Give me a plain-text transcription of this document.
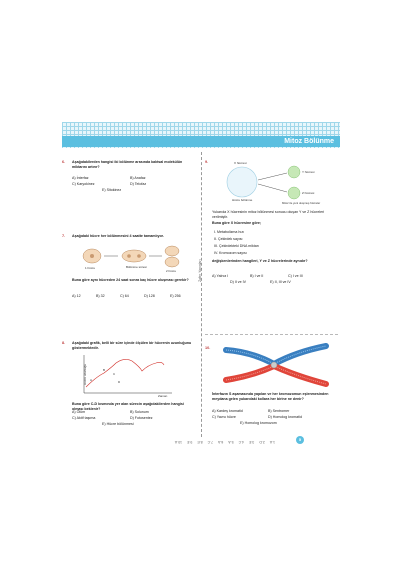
Mitoz Bölünme
Zafer Yayınları
6. Aşağıdakilerden hangisi iki bölünme arasında kalıtsal molekülün miktarını artırır?
A) İnterfaz	B) Anafaz
C) Karyokinez	D) Telofaz
E) Sitokinez
7. Aşağıdaki hücre her bölünmesini 4 saatte tamamlıyor.
1 hücre	Bölünme süresi
2 hücre
Buna göre aynı hücreden 24 saat sonra kaç hücre oluşması gerekir?
A) 12	B) 32	C) 64	D) 128	E) 256
8. Aşağıdaki grafik, belli bir süre içinde ölçülen bir hücrenin uzunluğunu göstermektedir.
Hücre uzunluğu
Zaman
A
B
C
D
Buna göre C-D kısmında yer alan sürecin aşağıdakilerden hangisi olması beklenir?
A) Ölüm	B) Solunum
C) Aktif taşıma	D) Fotosentez
E) Hücre bölünmesi
9.	X hücresi
Y hücresi
Z hücresi
Hücre bölünme
Mitoz ile yeni oluşmuş hücreler
Yukarıda X hücresinin mitoz bölünmesi sonucu oluşan Y ve Z hücreleri verilmiştir.
Buna göre X hücresine göre;
I. Metabolizma hızı
II. Çekirdek sayısı
III. Çekirdekteki DNA miktarı
IV. Kromozom sayısı
değişkenlerinden hangileri, Y ve Z hücrelerinde aynıdır?
A) Yalnız I	B) I ve II	C) I ve III
D) II ve IV	E) II, III ve IV
10.
İnterfazın S aşamasında yapılan ve her kromozomun eşlenmesinden meydana gelen yukarıdaki kollara her birine ne denir?
A) Kardeş kromatid	B) Sentromer
C) Yavru hücre	D) Homolog kromatid
E) Homolog kromozom
1.A
2.D
3.E
4.C
5.A
6.A
7.C
8.E
9.E
10.A	5
